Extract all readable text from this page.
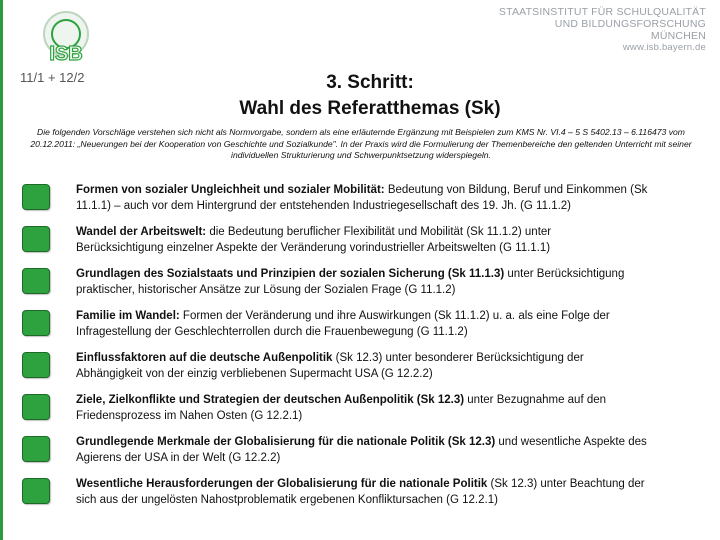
ISB
STAATSINSTITUT FÜR SCHULQUALITÄT
UND BILDUNGSFORSCHUNG
MÜNCHEN
www.isb.bayern.de
11/1 + 12/2	3. Schritt:
Wahl des Referatthemas (Sk)
Die folgenden Vorschläge verstehen sich nicht als Normvorgabe, sondern als eine erläuternde Ergänzung mit Beispielen zum KMS Nr. VI.4 – 5 S 5402.13 – 6.116473 vom 20.12.2011: „Neuerungen bei der Kooperation von Geschichte und Sozialkunde". In der Praxis wird die Formulierung der Themenbereiche den geltenden Unterricht mit seiner individuellen Strukturierung und Schwerpunktsetzung widerspiegeln.
Formen von sozialer Ungleichheit und sozialer Mobilität: Bedeutung von Bildung, Beruf und Einkommen (Sk
11.1.1) – auch vor dem Hintergrund der entstehenden Industriegesellschaft des 19. Jh. (G 11.1.2)
Wandel der Arbeitswelt: die Bedeutung beruflicher Flexibilität und Mobilität (Sk 11.1.2) unter
Berücksichtigung einzelner Aspekte der Veränderung vorindustrieller Arbeitswelten (G 11.1.1)
Grundlagen des Sozialstaats und Prinzipien der sozialen Sicherung (Sk 11.1.3) unter Berücksichtigung
praktischer, historischer Ansätze zur Lösung der Sozialen Frage (G 11.1.2)
Familie im Wandel: Formen der Veränderung und ihre Auswirkungen (Sk 11.1.2) u. a. als eine Folge der
Infragestellung der Geschlechterrollen durch die Frauenbewegung (G 11.1.2)
Einflussfaktoren auf die deutsche Außenpolitik (Sk 12.3) unter besonderer Berücksichtigung der
Abhängigkeit von der einzig verbliebenen Supermacht USA (G 12.2.2)
Ziele, Zielkonflikte und Strategien der deutschen Außenpolitik (Sk 12.3) unter Bezugnahme auf den
Friedensprozess im Nahen Osten (G 12.2.1)
Grundlegende Merkmale der Globalisierung für die nationale Politik (Sk 12.3) und wesentliche Aspekte des
Agierens der USA in der Welt (G 12.2.2)
Wesentliche Herausforderungen der Globalisierung für die nationale Politik (Sk 12.3) unter Beachtung der
sich aus der ungelösten Nahostproblematik ergebenen Konfliktursachen (G 12.2.1)
